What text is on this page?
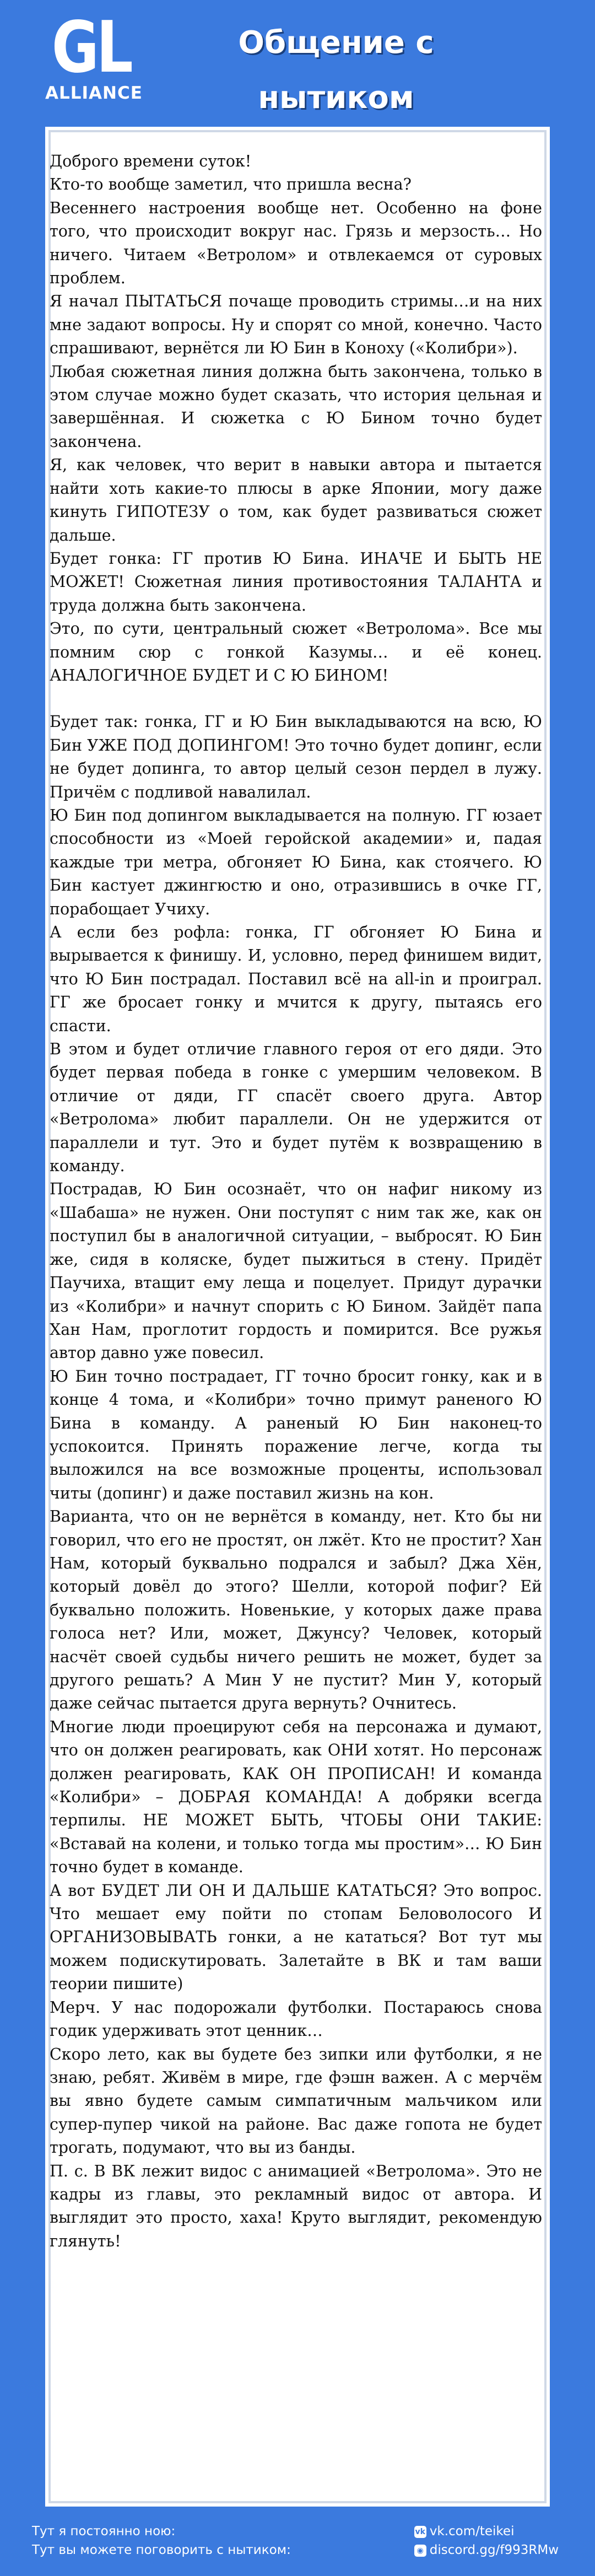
GL
ALLIANCE
Общение с нытиком

Доброго времени суток!

Кто-то вообще заметил, что пришла весна?

Весеннего настроения вообще нет. Особенно на фоне того, что происходит вокруг нас. Грязь и мерзость… Но ничего. Читаем «Ветролом» и отвлекаемся от суровых проблем.

Я начал ПЫТАТЬСЯ почаще проводить стримы…и на них мне задают вопросы. Ну и спорят со мной, конечно. Часто спрашивают, вернётся ли Ю Бин в Коноху («Колибри»).

Любая сюжетная линия должна быть закончена, только в этом случае можно будет сказать, что история цельная и завершённая. И сюжетка с Ю Бином точно будет закончена.

Я, как человек, что верит в навыки автора и пытается найти хоть какие-то плюсы в арке Японии, могу даже кинуть ГИПОТЕЗУ о том, как будет развиваться сюжет дальше.

Будет гонка: ГГ против Ю Бина. ИНАЧЕ И БЫТЬ НЕ МОЖЕТ! Сюжетная линия противостояния ТАЛАНТА и труда должна быть закончена.

Это, по сути, центральный сюжет «Ветролома». Все мы помним сюр с гонкой Казумы… и её конец. АНАЛОГИЧНОЕ БУДЕТ И С Ю БИНОМ!

Будет так: гонка, ГГ и Ю Бин выкладываются на всю, Ю Бин УЖЕ ПОД ДОПИНГОМ! Это точно будет допинг, если не будет допинга, то автор целый сезон пердел в лужу. Причём с подливой навалилал.

Ю Бин под допингом выкладывается на полную. ГГ юзает способности из «Моей геройской академии» и, падая каждые три метра, обгоняет Ю Бина, как стоячего. Ю Бин кастует джингюстю и оно, отразившись в очке ГГ, порабощает Учиху.

А если без рофла: гонка, ГГ обгоняет Ю Бина и вырывается к финишу. И, условно, перед финишем видит, что Ю Бин пострадал. Поставил всё на all-in и проиграл. ГГ же бросает гонку и мчится к другу, пытаясь его спасти.

В этом и будет отличие главного героя от его дяди. Это будет первая победа в гонке с умершим человеком. В отличие от дяди, ГГ спасёт своего друга. Автор «Ветролома» любит параллели. Он не удержится от параллели и тут. Это и будет путём к возвращению в команду.

Пострадав, Ю Бин осознаёт, что он нафиг никому из «Шабаша» не нужен. Они поступят с ним так же, как он поступил бы в аналогичной ситуации, – выбросят. Ю Бин же, сидя в коляске, будет пыжиться в стену. Придёт Паучиха, втащит ему леща и поцелует. Придут дурачки из «Колибри» и начнут спорить с Ю Бином. Зайдёт папа Хан Нам, проглотит гордость и помирится. Все ружья автор давно уже повесил.

Ю Бин точно пострадает, ГГ точно бросит гонку, как и в конце 4 тома, и «Колибри» точно примут раненого Ю Бина в команду. А раненый Ю Бин наконец-то успокоится. Принять поражение легче, когда ты выложился на все возможные проценты, использовал читы (допинг) и даже поставил жизнь на кон.

Варианта, что он не вернётся в команду, нет. Кто бы ни говорил, что его не простят, он лжёт. Кто не простит? Хан Нам, который буквально подрался и забыл? Джа Хён, который довёл до этого? Шелли, которой пофиг? Ей буквально положить. Новенькие, у которых даже права голоса нет? Или, может, Джунсу? Человек, который насчёт своей судьбы ничего решить не может, будет за другого решать? А Мин У не пустит? Мин У, который даже сейчас пытается друга вернуть? Очнитесь.

Многие люди проецируют себя на персонажа и думают, что он должен реагировать, как ОНИ хотят. Но персонаж должен реагировать, КАК ОН ПРОПИСАН! И команда «Колибри» – ДОБРАЯ КОМАНДА! А добряки всегда терпилы. НЕ МОЖЕТ БЫТЬ, ЧТОБЫ ОНИ ТАКИЕ: «Вставай на колени, и только тогда мы простим»… Ю Бин точно будет в команде.

А вот БУДЕТ ЛИ ОН И ДАЛЬШЕ КАТАТЬСЯ? Это вопрос. Что мешает ему пойти по стопам Беловолосого И ОРГАНИЗОВЫВАТЬ гонки, а не кататься? Вот тут мы можем подискутировать. Залетайте в ВК и там ваши теории пишите)

Мерч. У нас подорожали футболки. Постараюсь снова годик удерживать этот ценник…

Скоро лето, как вы будете без зипки или футболки, я не знаю, ребят. Живём в мире, где фэшн важен. А с мерчём вы явно будете самым симпатичным мальчиком или супер-пупер чикой на районе. Вас даже гопота не будет трогать, подумают, что вы из банды.

П. с. В ВК лежит видос с анимацией «Ветролома». Это не кадры из главы, это рекламный видос от автора. И выглядит это просто, хаха! Круто выглядит, рекомендую глянуть!

Тут я постоянно ною:
Тут вы можете поговорить с нытиком:
vk vk.com/teikei
◉ discord.gg/f993RMw
